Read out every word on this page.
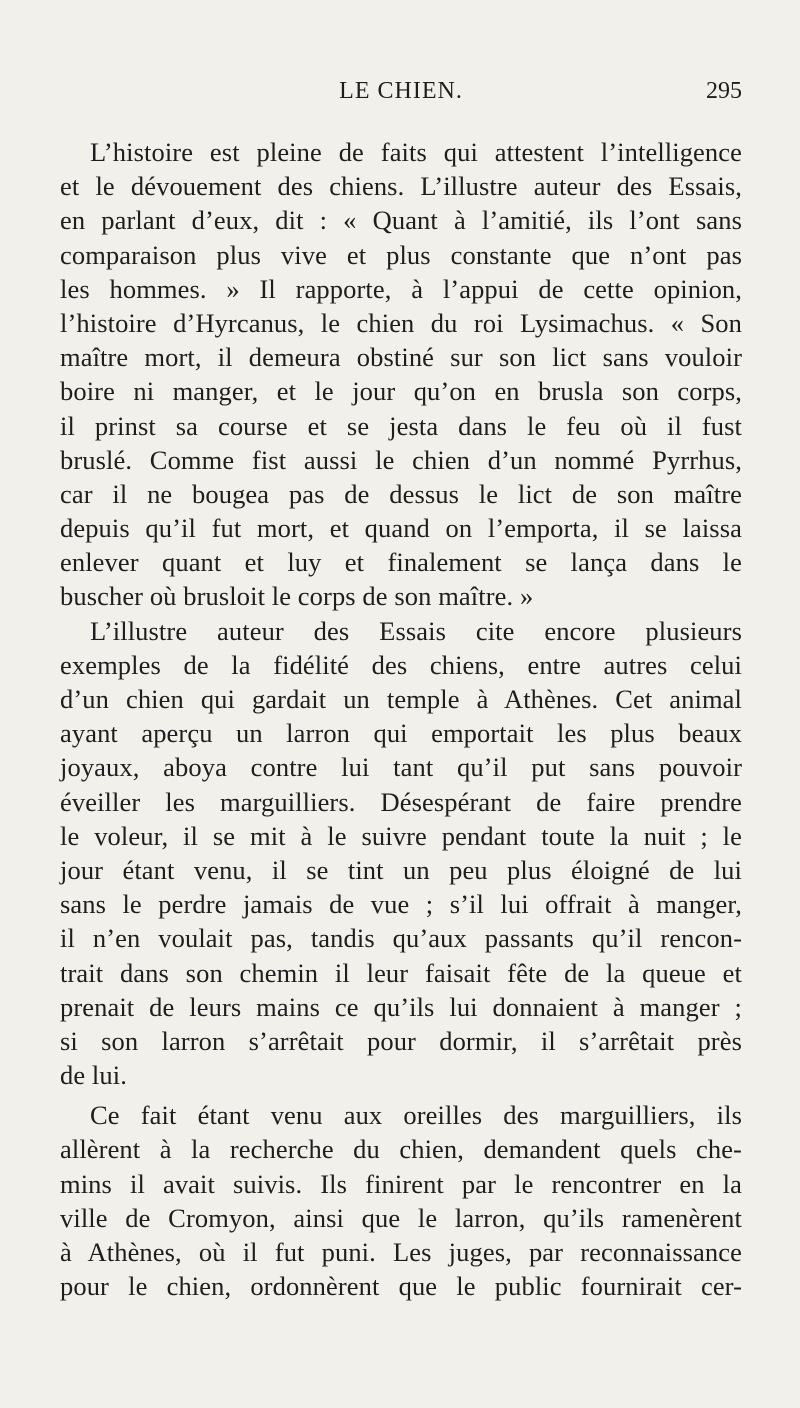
LE CHIEN.	295
L’histoire est pleine de faits qui attestent l’intelligence
et le dévouement des chiens. L’illustre auteur des Essais,
en parlant d’eux, dit : « Quant à l’amitié, ils l’ont sans
comparaison plus vive et plus constante que n’ont pas
les hommes. » Il rapporte, à l’appui de cette opinion,
l’histoire d’Hyrcanus, le chien du roi Lysimachus. « Son
maître mort, il demeura obstiné sur son lict sans vouloir
boire ni manger, et le jour qu’on en brusla son corps,
il prinst sa course et se jesta dans le feu où il fust
bruslé. Comme fist aussi le chien d’un nommé Pyrrhus,
car il ne bougea pas de dessus le lict de son maître
depuis qu’il fut mort, et quand on l’emporta, il se laissa
enlever quant et luy et finalement se lança dans le
buscher où brusloit le corps de son maître. »
L’illustre auteur des Essais cite encore plusieurs
exemples de la fidélité des chiens, entre autres celui
d’un chien qui gardait un temple à Athènes. Cet animal
ayant aperçu un larron qui emportait les plus beaux
joyaux, aboya contre lui tant qu’il put sans pouvoir
éveiller les marguilliers. Désespérant de faire prendre
le voleur, il se mit à le suivre pendant toute la nuit ; le
jour étant venu, il se tint un peu plus éloigné de lui
sans le perdre jamais de vue ; s’il lui offrait à manger,
il n’en voulait pas, tandis qu’aux passants qu’il rencon-
trait dans son chemin il leur faisait fête de la queue et
prenait de leurs mains ce qu’ils lui donnaient à manger ;
si son larron s’arrêtait pour dormir, il s’arrêtait près
de lui.
Ce fait étant venu aux oreilles des marguilliers, ils
allèrent à la recherche du chien, demandent quels che-
mins il avait suivis. Ils finirent par le rencontrer en la
ville de Cromyon, ainsi que le larron, qu’ils ramenèrent
à Athènes, où il fut puni. Les juges, par reconnaissance
pour le chien, ordonnèrent que le public fournirait cer-
